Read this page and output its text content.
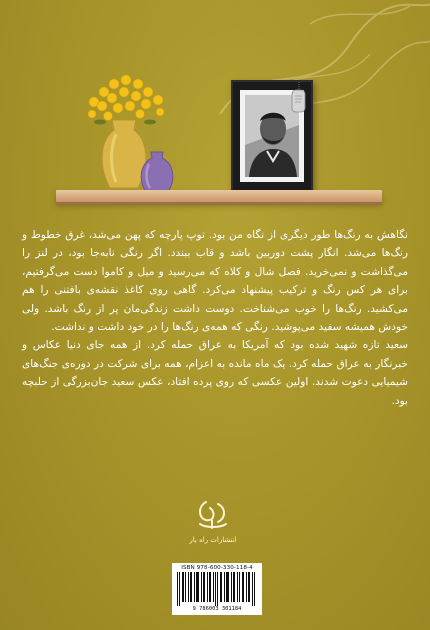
نگاهش به رنگ‌ها طور دیگری از نگاه من بود. توپ پارچه که پهن می‌شد، غرق خطوط و رنگ‌ها می‌شد. انگار پشت دوربین باشد و قاب ببندد. اگر رنگی نابه‌جا بود، در لنز را می‌گذاشت و نمی‌خرید. فصل شال و کلاه که می‌رسید و میل و کاموا دست می‌گرفتیم، برای هر کس رنگ و ترکیب پیشنهاد می‌کرد. گاهی روی کاغذ نقشه‌ی بافتنی را هم می‌کشید. رنگ‌ها را خوب می‌شناخت. دوست داشت زندگی‌مان پر از رنگ باشد. ولی خودش همیشه سفید می‌پوشید. رنگی که همه‌ی رنگ‌ها را در خود داشت و نداشت.

سعید تازه شهید شده بود که آمریکا به عراق حمله کرد. از همه جای دنیا عکاس و خبرنگار به عراق حمله کرد. یک ماه مانده به اعزام، همه برای شرکت در دوره‌ی جنگ‌های شیمیایی دعوت شدند. اولین عکسی که روی پرده افتاد، عکس سعید جان‌بزرگی از حلبچه بود.

انتشارات راه یار
ISBN 978-600-330-118-4
9 786003 301184
